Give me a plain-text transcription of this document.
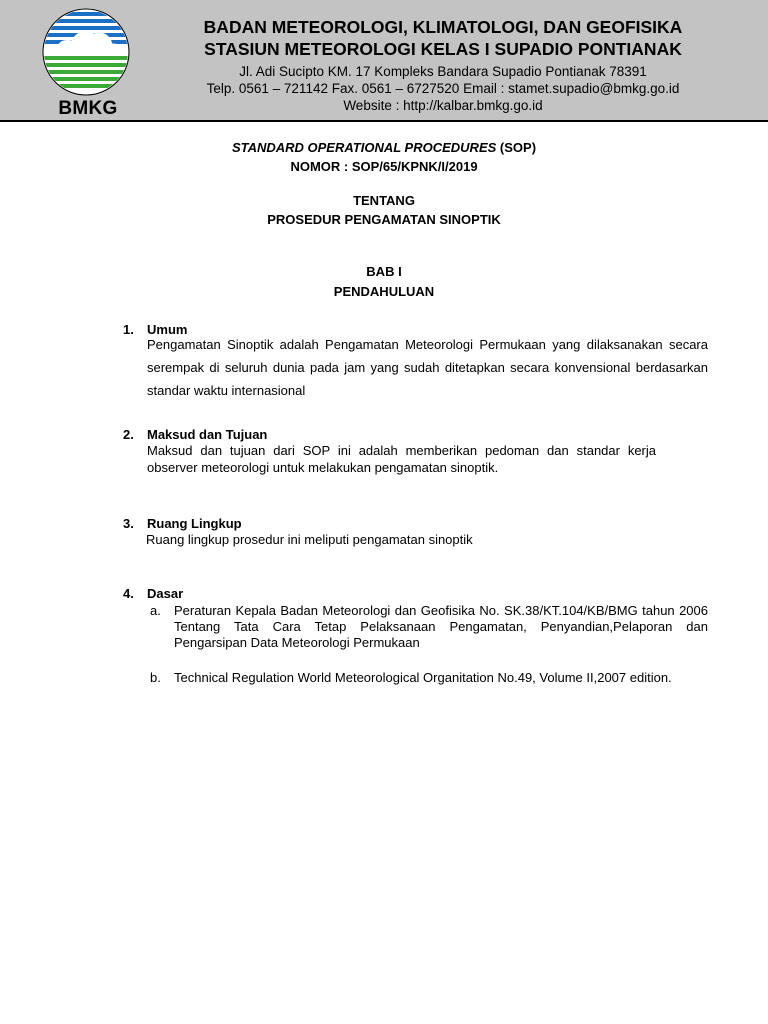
BMKG
BADAN METEOROLOGI, KLIMATOLOGI, DAN GEOFISIKA
STASIUN METEOROLOGI KELAS I SUPADIO PONTIANAK
Jl. Adi Sucipto KM. 17 Kompleks Bandara Supadio Pontianak 78391
Telp. 0561 – 721142 Fax. 0561 – 6727520 Email : stamet.supadio@bmkg.go.id
Website : http://kalbar.bmkg.go.id
STANDARD OPERATIONAL PROCEDURES (SOP)
NOMOR : SOP/65/KPNK/I/2019
TENTANG
PROSEDUR PENGAMATAN SINOPTIK
BAB I
PENDAHULUAN
1. Umum
Pengamatan Sinoptik adalah Pengamatan Meteorologi Permukaan yang dilaksanakan secara serempak di seluruh dunia pada jam yang sudah ditetapkan secara konvensional berdasarkan standar waktu internasional
2. Maksud dan Tujuan
Maksud dan tujuan dari SOP ini adalah memberikan pedoman dan standar kerja observer meteorologi untuk melakukan pengamatan sinoptik.
3. Ruang Lingkup
Ruang lingkup prosedur ini meliputi pengamatan sinoptik
4. Dasar
a. Peraturan Kepala Badan Meteorologi dan Geofisika No. SK.38/KT.104/KB/BMG tahun 2006 Tentang Tata Cara Tetap Pelaksanaan Pengamatan, Penyandian,Pelaporan dan Pengarsipan Data Meteorologi Permukaan
b. Technical Regulation World Meteorological Organitation No.49, Volume II,2007 edition.
